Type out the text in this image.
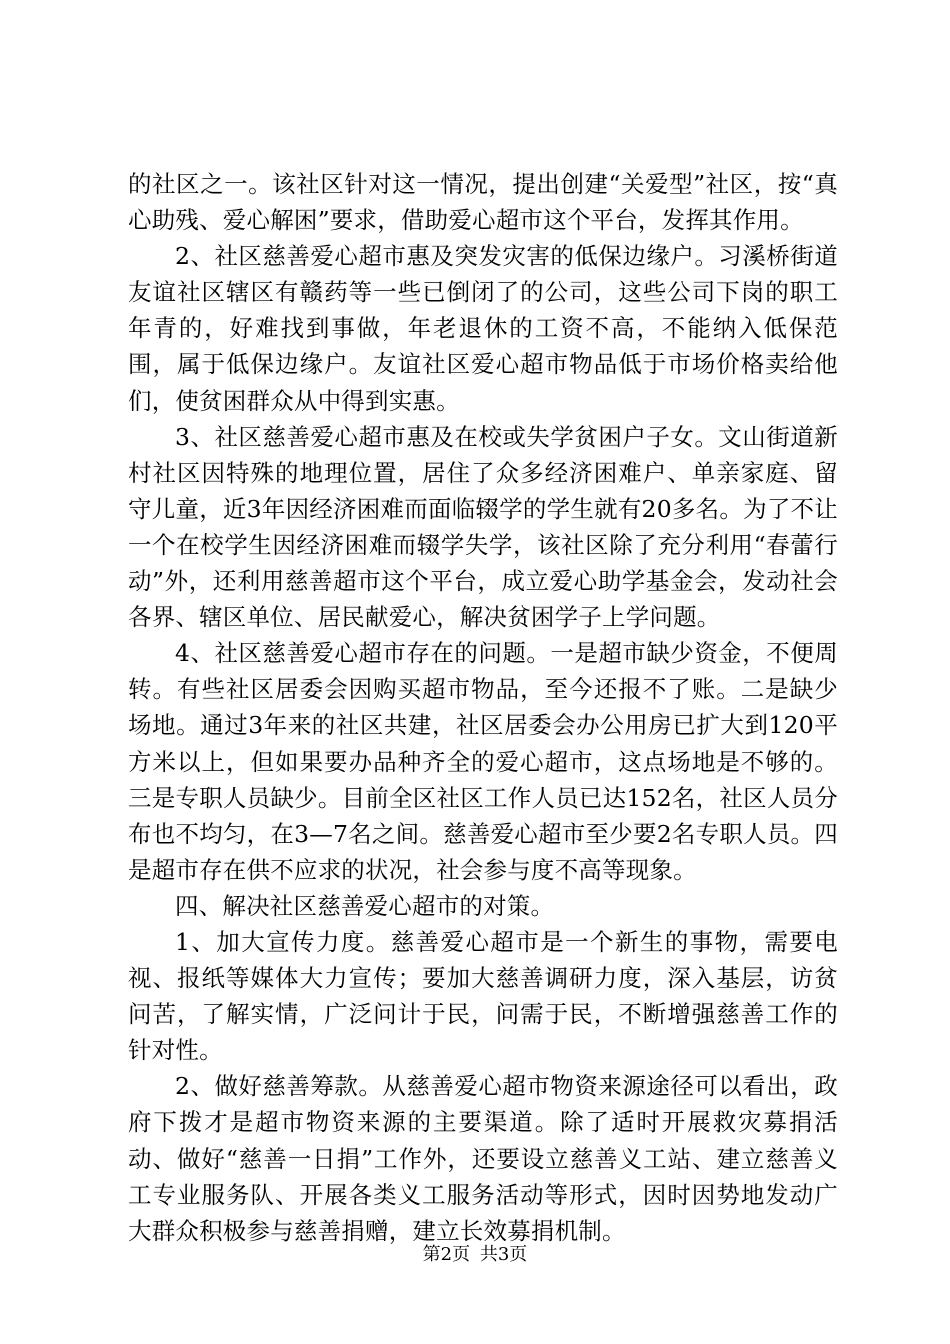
的社区之一。该社区针对这一情况，提出创建“关爱型”社区，按“真心助残、爱心解困”要求，借助爱心超市这个平台，发挥其作用。

2、社区慈善爱心超市惠及突发灾害的低保边缘户。习溪桥街道友谊社区辖区有赣药等一些已倒闭了的公司，这些公司下岗的职工年青的，好难找到事做，年老退休的工资不高，不能纳入低保范围，属于低保边缘户。友谊社区爱心超市物品低于市场价格卖给他们，使贫困群众从中得到实惠。

3、社区慈善爱心超市惠及在校或失学贫困户子女。文山街道新村社区因特殊的地理位置，居住了众多经济困难户、单亲家庭、留守儿童，近3年因经济困难而面临辍学的学生就有20多名。为了不让一个在校学生因经济困难而辍学失学，该社区除了充分利用“春蕾行动”外，还利用慈善超市这个平台，成立爱心助学基金会，发动社会各界、辖区单位、居民献爱心，解决贫困学子上学问题。

4、社区慈善爱心超市存在的问题。一是超市缺少资金，不便周转。有些社区居委会因购买超市物品，至今还报不了账。二是缺少场地。通过3年来的社区共建，社区居委会办公用房已扩大到120平方米以上，但如果要办品种齐全的爱心超市，这点场地是不够的。三是专职人员缺少。目前全区社区工作人员已达152名，社区人员分布也不均匀，在3—7名之间。慈善爱心超市至少要2名专职人员。四是超市存在供不应求的状况，社会参与度不高等现象。

四、解决社区慈善爱心超市的对策。

1、加大宣传力度。慈善爱心超市是一个新生的事物，需要电视、报纸等媒体大力宣传；要加大慈善调研力度，深入基层，访贫问苦，了解实情，广泛问计于民，问需于民，不断增强慈善工作的针对性。

2、做好慈善筹款。从慈善爱心超市物资来源途径可以看出，政府下拨才是超市物资来源的主要渠道。除了适时开展救灾募捐活动、做好“慈善一日捐”工作外，还要设立慈善义工站、建立慈善义工专业服务队、开展各类义工服务活动等形式，因时因势地发动广大群众积极参与慈善捐赠，建立长效募捐机制。

第2页 共3页
